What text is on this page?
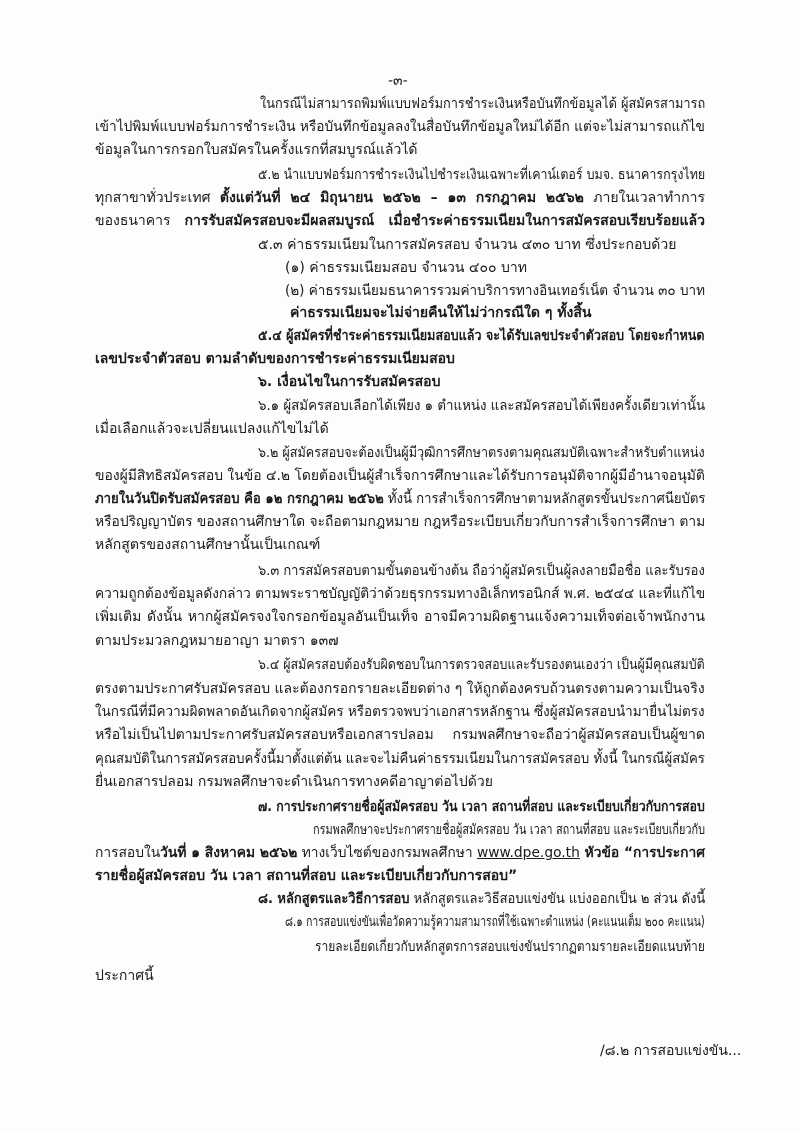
-๓-
ในกรณีไม่สามารถพิมพ์แบบฟอร์มการชำระเงินหรือบันทึกข้อมูลได้ ผู้สมัครสามารถ
เข้าไปพิมพ์แบบฟอร์มการชำระเงิน หรือบันทึกข้อมูลลงในสื่อบันทึกข้อมูลใหม่ได้อีก แต่จะไม่สามารถแก้ไข
ข้อมูลในการกรอกใบสมัครในครั้งแรกที่สมบูรณ์แล้วได้
๕.๒ นำแบบฟอร์มการชำระเงินไปชำระเงินเฉพาะที่เคาน์เตอร์ บมจ. ธนาคารกรุงไทย
ทุกสาขาทั่วประเทศ ตั้งแต่วันที่ ๒๔ มิถุนายน ๒๕๖๒ – ๑๓ กรกฎาคม ๒๕๖๒ ภายในเวลาทำการ
ของธนาคาร การรับสมัครสอบจะมีผลสมบูรณ์ เมื่อชำระค่าธรรมเนียมในการสมัครสอบเรียบร้อยแล้ว
๕.๓ ค่าธรรมเนียมในการสมัครสอบ จำนวน ๔๓๐ บาท ซึ่งประกอบด้วย
(๑) ค่าธรรมเนียมสอบ จำนวน ๔๐๐ บาท
(๒) ค่าธรรมเนียมธนาคารรวมค่าบริการทางอินเทอร์เน็ต จำนวน ๓๐ บาท
ค่าธรรมเนียมจะไม่จ่ายคืนให้ไม่ว่ากรณีใด ๆ ทั้งสิ้น
๕.๔ ผู้สมัครที่ชำระค่าธรรมเนียมสอบแล้ว จะได้รับเลขประจำตัวสอบ โดยจะกำหนด
เลขประจำตัวสอบ ตามลำดับของการชำระค่าธรรมเนียมสอบ
๖. เงื่อนไขในการรับสมัครสอบ
๖.๑ ผู้สมัครสอบเลือกได้เพียง ๑ ตำแหน่ง และสมัครสอบได้เพียงครั้งเดียวเท่านั้น
เมื่อเลือกแล้วจะเปลี่ยนแปลงแก้ไขไม่ได้
๖.๒ ผู้สมัครสอบจะต้องเป็นผู้มีวุฒิการศึกษาตรงตามคุณสมบัติเฉพาะสำหรับตำแหน่ง
ของผู้มีสิทธิสมัครสอบ ในข้อ ๔.๒ โดยต้องเป็นผู้สำเร็จการศึกษาและได้รับการอนุมัติจากผู้มีอำนาจอนุมัติ
ภายในวันปิดรับสมัครสอบ คือ ๑๒ กรกฎาคม ๒๕๖๒ ทั้งนี้ การสำเร็จการศึกษาตามหลักสูตรขั้นประกาศนียบัตร
หรือปริญญาบัตร ของสถานศึกษาใด จะถือตามกฎหมาย กฎหรือระเบียบเกี่ยวกับการสำเร็จการศึกษา ตาม
หลักสูตรของสถานศึกษานั้นเป็นเกณฑ์
๖.๓ การสมัครสอบตามขั้นตอนข้างต้น ถือว่าผู้สมัครเป็นผู้ลงลายมือชื่อ และรับรอง
ความถูกต้องข้อมูลดังกล่าว ตามพระราชบัญญัติว่าด้วยธุรกรรมทางอิเล็กทรอนิกส์ พ.ศ. ๒๕๔๔ และที่แก้ไข
เพิ่มเติม ดังนั้น หากผู้สมัครจงใจกรอกข้อมูลอันเป็นเท็จ อาจมีความผิดฐานแจ้งความเท็จต่อเจ้าพนักงาน
ตามประมวลกฎหมายอาญา มาตรา ๑๓๗
๖.๔ ผู้สมัครสอบต้องรับผิดชอบในการตรวจสอบและรับรองตนเองว่า เป็นผู้มีคุณสมบัติ
ตรงตามประกาศรับสมัครสอบ และต้องกรอกรายละเอียดต่าง ๆ ให้ถูกต้องครบถ้วนตรงตามความเป็นจริง
ในกรณีที่มีความผิดพลาดอันเกิดจากผู้สมัคร หรือตรวจพบว่าเอกสารหลักฐาน ซึ่งผู้สมัครสอบนำมายื่นไม่ตรง
หรือไม่เป็นไปตามประกาศรับสมัครสอบหรือเอกสารปลอม กรมพลศึกษาจะถือว่าผู้สมัครสอบเป็นผู้ขาด
คุณสมบัติในการสมัครสอบครั้งนี้มาตั้งแต่ต้น และจะไม่คืนค่าธรรมเนียมในการสมัครสอบ ทั้งนี้ ในกรณีผู้สมัคร
ยื่นเอกสารปลอม กรมพลศึกษาจะดำเนินการทางคดีอาญาต่อไปด้วย
๗. การประกาศรายชื่อผู้สมัครสอบ วัน เวลา สถานที่สอบ และระเบียบเกี่ยวกับการสอบ
กรมพลศึกษาจะประกาศรายชื่อผู้สมัครสอบ วัน เวลา สถานที่สอบ และระเบียบเกี่ยวกับ
การสอบในวันที่ ๑ สิงหาคม ๒๕๖๒ ทางเว็บไซต์ของกรมพลศึกษา www.dpe.go.th หัวข้อ “การประกาศ
รายชื่อผู้สมัครสอบ วัน เวลา สถานที่สอบ และระเบียบเกี่ยวกับการสอบ”
๘. หลักสูตรและวิธีการสอบ หลักสูตรและวิธีสอบแข่งขัน แบ่งออกเป็น ๒ ส่วน ดังนี้
๘.๑ การสอบแข่งขันเพื่อวัดความรู้ความสามารถที่ใช้เฉพาะตำแหน่ง (คะแนนเต็ม ๒๐๐ คะแนน)
รายละเอียดเกี่ยวกับหลักสูตรการสอบแข่งขันปรากฏตามรายละเอียดแนบท้าย
ประกาศนี้
/๘.๒ การสอบแข่งขัน...
